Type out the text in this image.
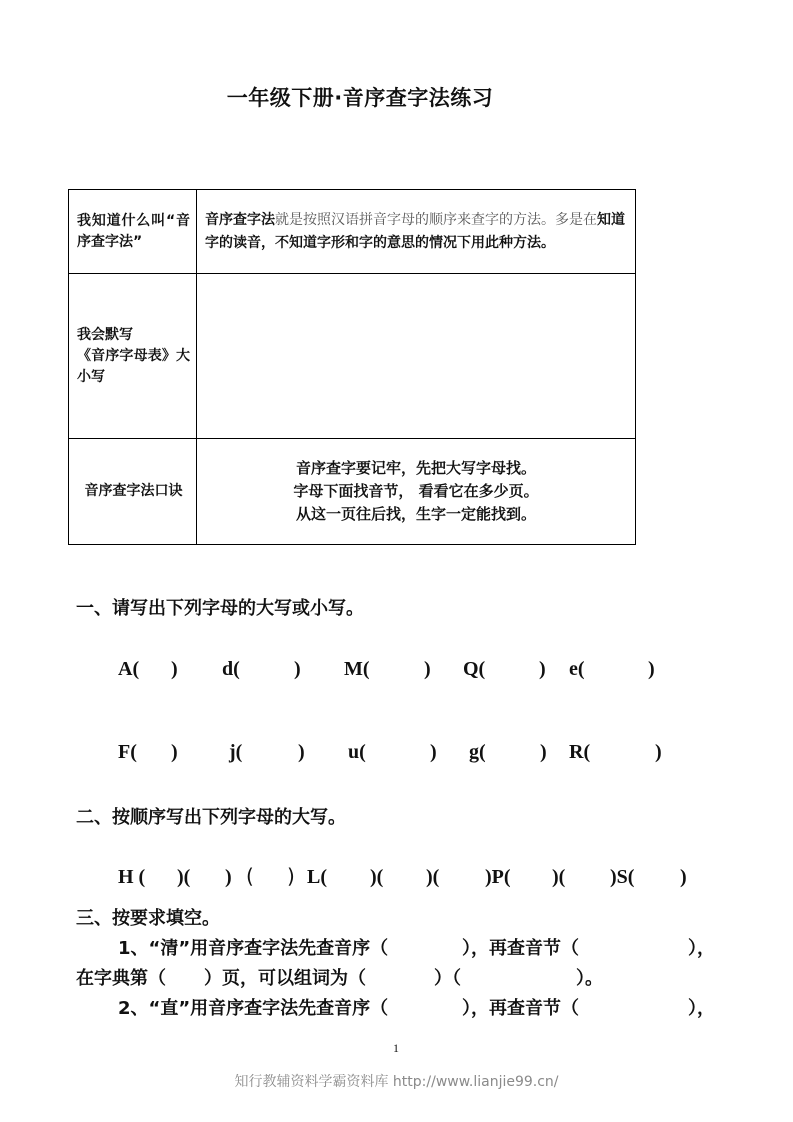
一年级下册·音序查字法练习
我知道什么叫“音序查字法”	音序查字法就是按照汉语拼音字母的顺序来查字的方法。多是在知道字的读音，不知道字形和字的意思的情况下用此种方法。

我会默写
《音序字母表》大小写	

音序查字法口诀	音序查字要记牢，先把大写字母找。
字母下面找音节， 看看它在多少页。
从这一页往后找，生字一定能找到。
一、请写出下列字母的大写或小写。
A( ) d(	) M(	) Q(	) e(	)
F( )	j(	) u(	) g(	) R(	)
二、按顺序写出下列字母的大写。
H ( )( ) ( ) L( )( )( )P( )( )S( )
三、按要求填空。
1、“清”用音序查字法先查音序（	），再查音节（	），
在字典第（ ）页，可以组词为（	）（	）。
2、“直”用音序查字法先查音序（	），再查音节（	），
1
知行教辅资料学霸资料库 http://www.lianjie99.cn/
